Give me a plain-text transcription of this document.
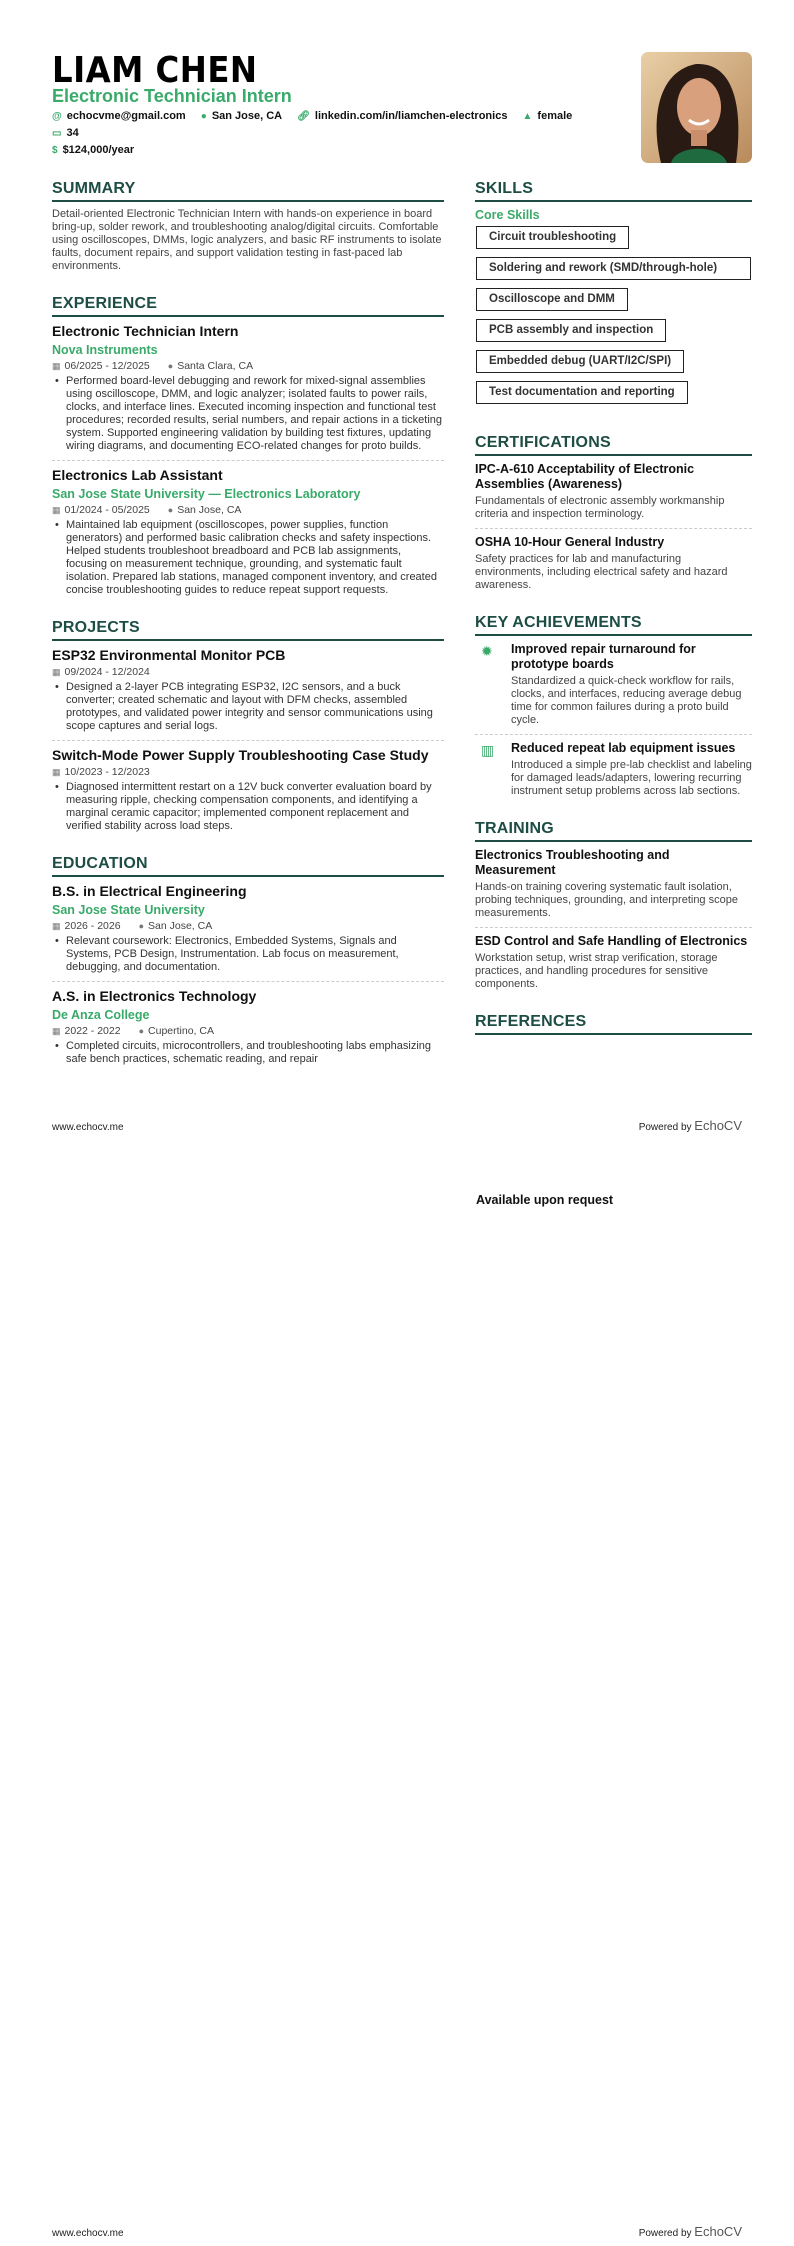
LIAM CHEN
Electronic Technician Intern
@ echocvme@gmail.com ● San Jose, CA 🔗︎ linkedin.com/in/liamchen-electronics ▲ female ▭ 34
$ $124,000/year
SUMMARY
Detail-oriented Electronic Technician Intern with hands-on experience in board bring-up, solder rework, and troubleshooting analog/digital circuits. Comfortable using oscilloscopes, DMMs, logic analyzers, and basic RF instruments to isolate faults, document repairs, and support validation testing in fast-paced lab environments.
EXPERIENCE
Electronic Technician Intern
Nova Instruments
▦ 06/2025 - 12/2025 ● Santa Clara, CA
• Performed board-level debugging and rework for mixed-signal assemblies using oscilloscope, DMM, and logic analyzer; isolated faults to power rails, clocks, and interface lines. Executed incoming inspection and functional test procedures; recorded results, serial numbers, and repair actions in a ticketing system. Supported engineering validation by building test fixtures, updating wiring diagrams, and documenting ECO-related changes for proto builds.
Electronics Lab Assistant
San Jose State University — Electronics Laboratory
▦ 01/2024 - 05/2025 ● San Jose, CA
• Maintained lab equipment (oscilloscopes, power supplies, function generators) and performed basic calibration checks and safety inspections. Helped students troubleshoot breadboard and PCB lab assignments, focusing on measurement technique, grounding, and systematic fault isolation. Prepared lab stations, managed component inventory, and created concise troubleshooting guides to reduce repeat support requests.
PROJECTS
ESP32 Environmental Monitor PCB
▦ 09/2024 - 12/2024
• Designed a 2-layer PCB integrating ESP32, I2C sensors, and a buck converter; created schematic and layout with DFM checks, assembled prototypes, and validated power integrity and sensor communications using scope captures and serial logs.
Switch-Mode Power Supply Troubleshooting Case Study
▦ 10/2023 - 12/2023
• Diagnosed intermittent restart on a 12V buck converter evaluation board by measuring ripple, checking compensation components, and identifying a marginal ceramic capacitor; implemented component replacement and verified stability across load steps.
EDUCATION
B.S. in Electrical Engineering
San Jose State University
▦ 2026 - 2026 ● San Jose, CA
• Relevant coursework: Electronics, Embedded Systems, Signals and Systems, PCB Design, Instrumentation. Lab focus on measurement, debugging, and documentation.
A.S. in Electronics Technology
De Anza College
▦ 2022 - 2022 ● Cupertino, CA
• Completed circuits, microcontrollers, and troubleshooting labs emphasizing safe bench practices, schematic reading, and repair
SKILLS
Core Skills
Circuit troubleshooting
Soldering and rework (SMD/through-hole)
Oscilloscope and DMM
PCB assembly and inspection
Embedded debug (UART/I2C/SPI)
Test documentation and reporting
CERTIFICATIONS
IPC-A-610 Acceptability of Electronic Assemblies (Awareness)
Fundamentals of electronic assembly workmanship criteria and inspection terminology.
OSHA 10-Hour General Industry
Safety practices for lab and manufacturing environments, including electrical safety and hazard awareness.
KEY ACHIEVEMENTS
✹	Improved repair turnaround for prototype boards
Standardized a quick-check workflow for rails, clocks, and interfaces, reducing average debug time for common failures during a proto build cycle.
▥	Reduced repeat lab equipment issues
Introduced a simple pre-lab checklist and labeling for damaged leads/adapters, lowering recurring instrument setup problems across lab sections.
TRAINING
Electronics Troubleshooting and Measurement
Hands-on training covering systematic fault isolation, probing techniques, grounding, and interpreting scope measurements.
ESD Control and Safe Handling of Electronics
Workstation setup, wrist strap verification, storage practices, and handling procedures for sensitive components.
REFERENCES
Available upon request
www.echocv.me	Powered by EchoCV
www.echocv.me	Powered by EchoCV
